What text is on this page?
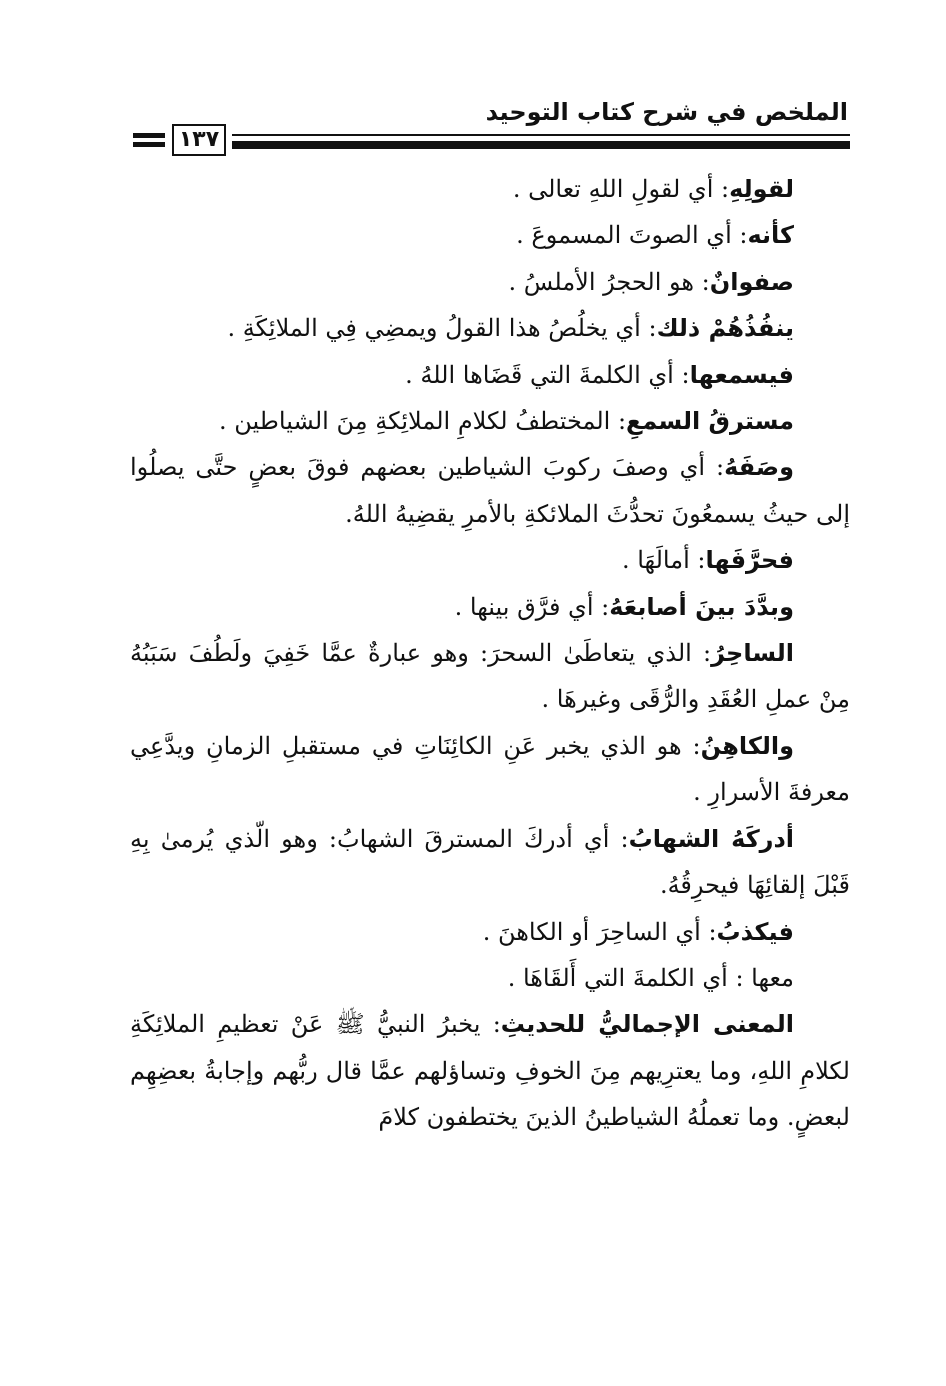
الملخص في شرح كتاب التوحيد
١٣٧

لقولِهِ: أي لقولِ اللهِ تعالى .

كأنه: أي الصوتَ المسموعَ .

صفوانٌ: هو الحجرُ الأملسُ .

ينفُذُهُمْ ذلك: أي يخلُصُ هذا القولُ ويمضِي فِي الملائِكَةِ .

فيسمعها: أي الكلمةَ التي قَضَاها اللهُ .

مسترقُ السمعِ: المختطفُ لكلامِ الملائِكةِ مِنَ الشياطين .

وصَفَهُ: أي وصفَ ركوبَ الشياطين بعضهم فوقَ بعضٍ حتَّى يصلُوا إلى حيثُ يسمعُونَ تحدُّثَ الملائكةِ بالأمرِ يقضِيهُ اللهُ.

فحرَّفَها: أمالَهَا .

وبدَّدَ بينَ أصابعَهُ: أي فرَّق بينها .

الساحِرُ: الذي يتعاطَىٰ السحرَ: وهو عبارةٌ عمَّا خَفِيَ ولَطُفَ سَبَبُهُ مِنْ عملِ العُقَدِ والرُّقَى وغيرهَا .

والكاهِنُ: هو الذي يخبر عَنِ الكائِنَاتِ في مستقبلِ الزمانِ ويدَّعِي معرفةَ الأسرارِ .

أدركَهُ الشهابُ: أي أدركَ المسترقَ الشهابُ: وهو الّذي يُرمىٰ بِهِ قَبْلَ إلقائِهَا فيحرِقُهُ.

فيكذبُ: أي الساحِرَ أو الكاهنَ .

معها : أي الكلمةَ التي أَلقَاهَا .

المعنى الإجماليُّ للحديثِ: يخبرُ النبيُّ ﷺ عَنْ تعظيمِ الملائِكَةِ لكلامِ اللهِ، وما يعترِيهم مِنَ الخوفِ وتساؤلهم عمَّا قال ربُّهم وإجابةُ بعضِهِم لبعضٍ. وما تعملُهُ الشياطينُ الذينَ يختطفون كلامَ
